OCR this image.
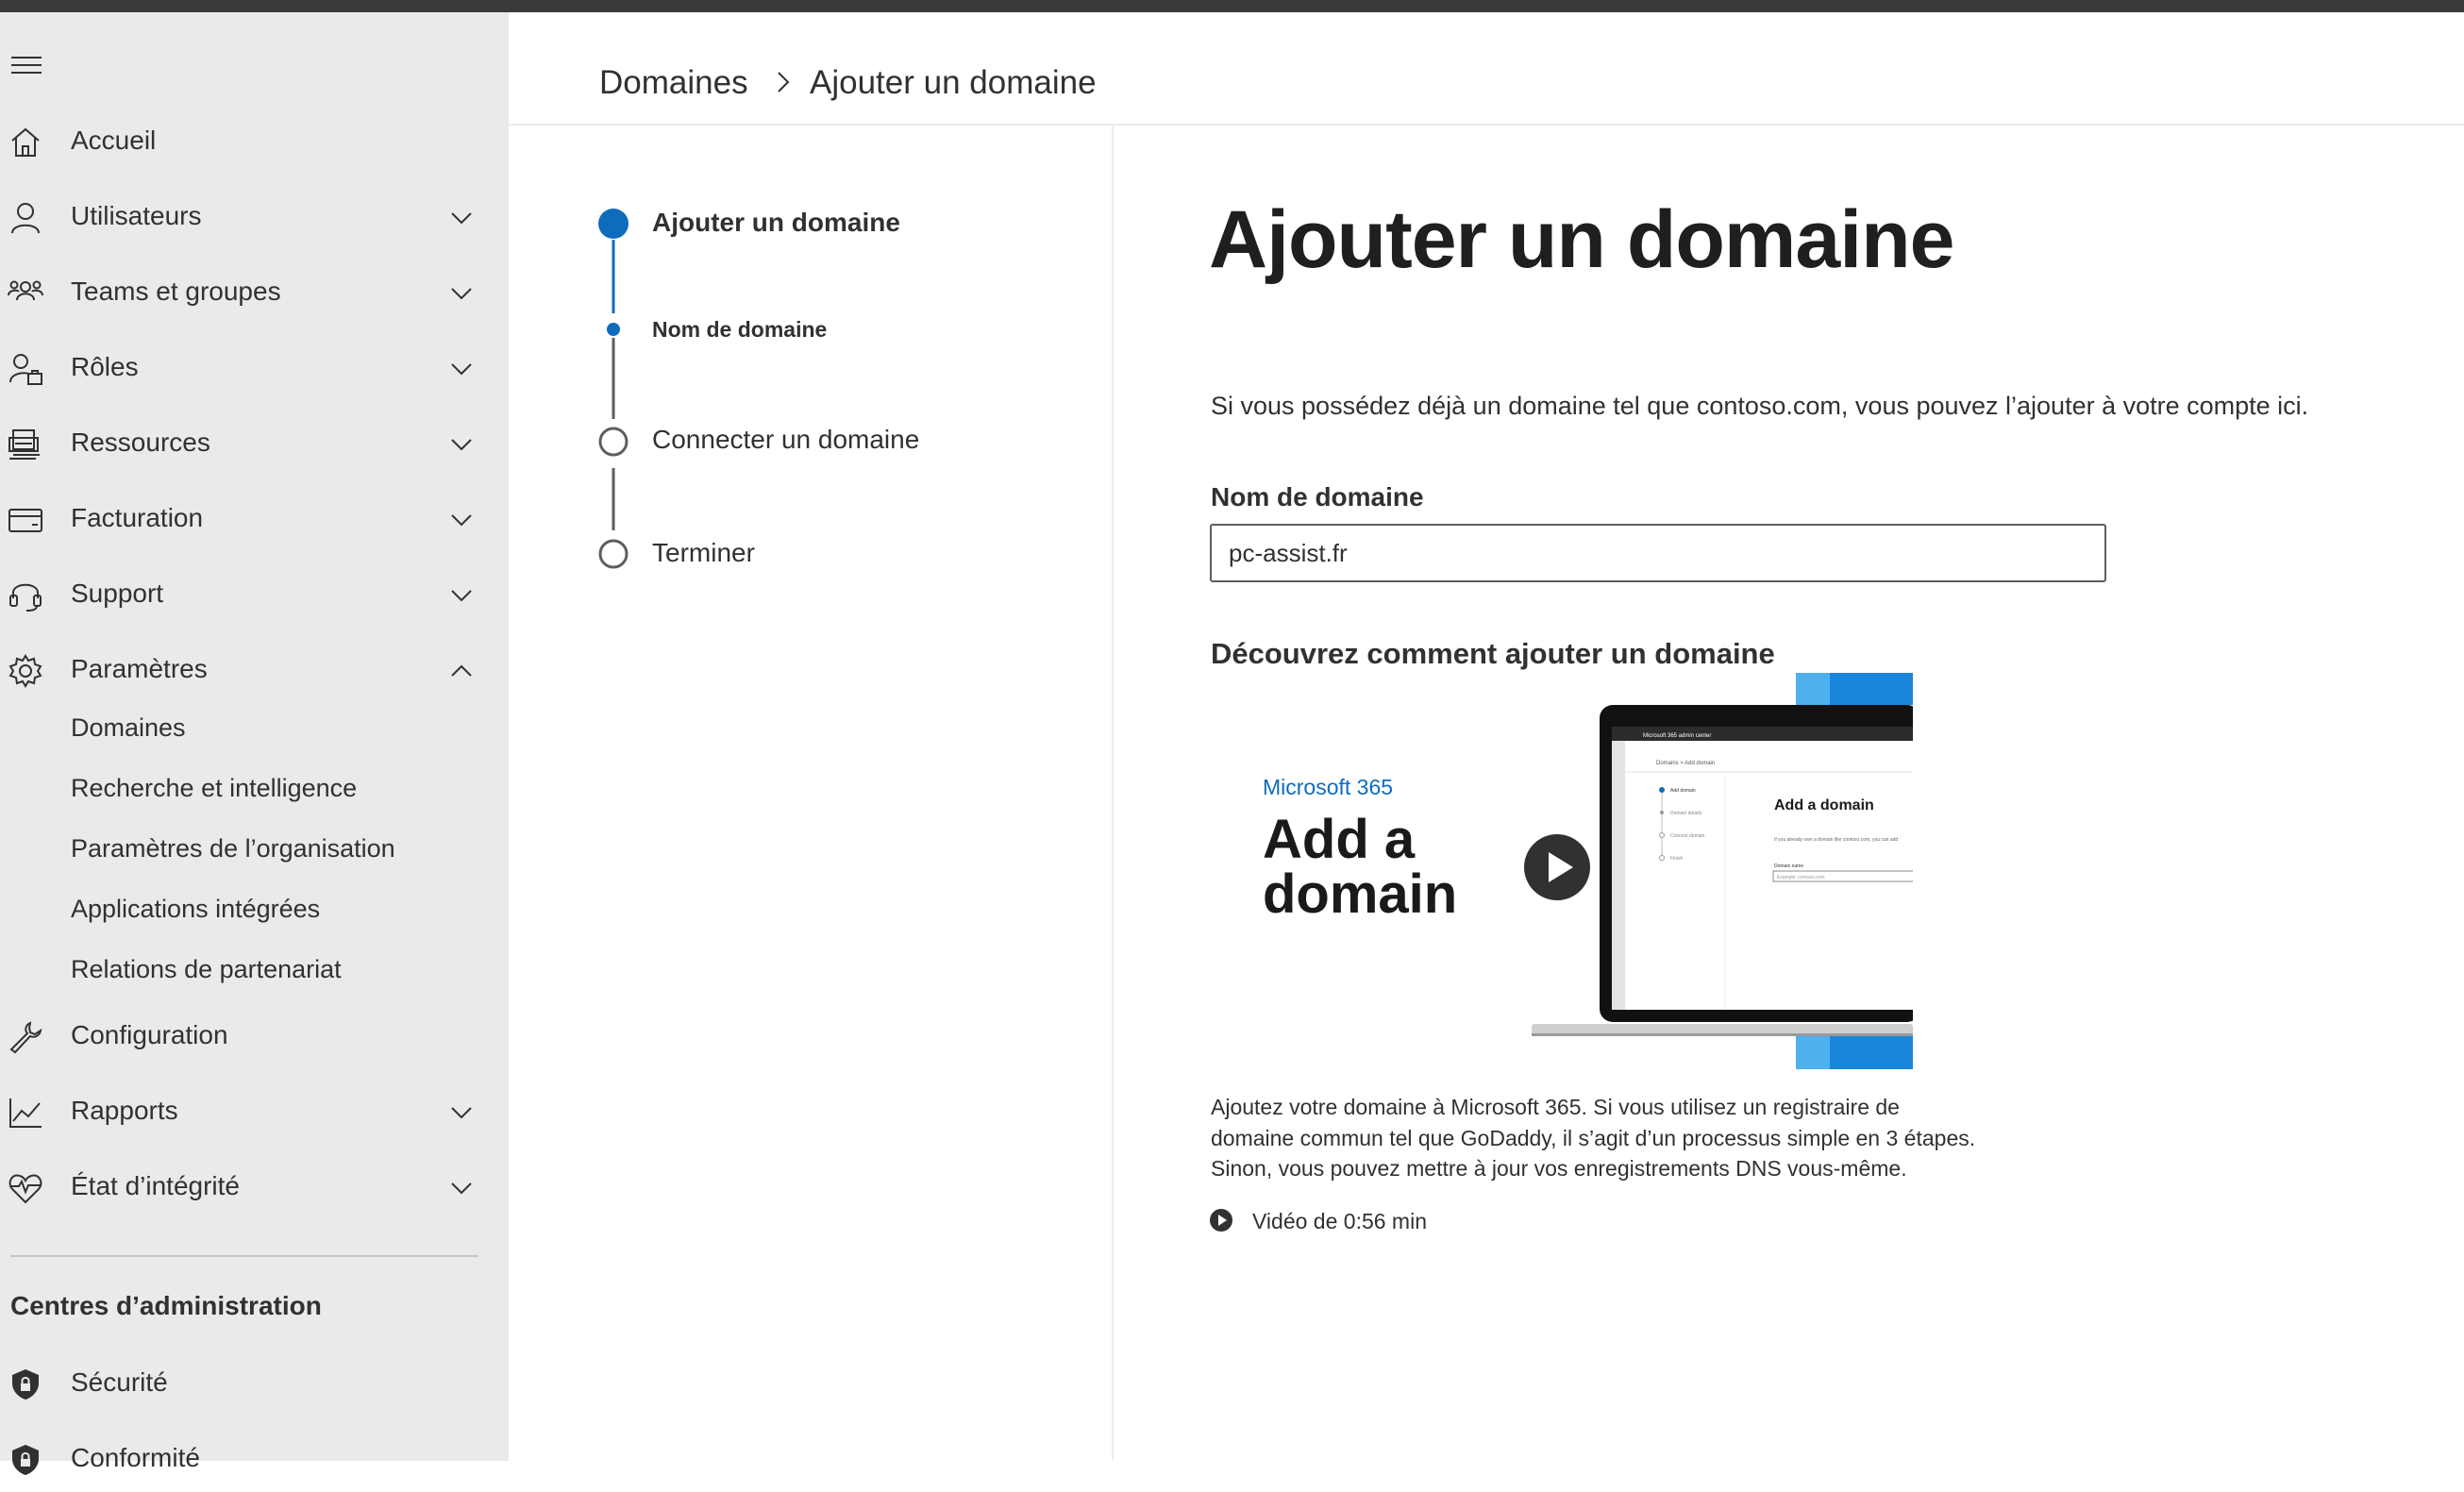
Accueil
Utilisateurs
Teams et groupes
Rôles
Ressources
Facturation
Support
Paramètres
Domaines
Recherche et intelligence
Paramètres de l’organisation
Applications intégrées
Relations de partenariat
Configuration
Rapports
État d’intégrité
Centres d’administration
Sécurité
Conformité
Domaines Ajouter un domaine
Ajouter un domaine
Nom de domaine
Connecter un domaine
Terminer
Ajouter un domaine

Si vous possédez déjà un domaine tel que contoso.com, vous pouvez l’ajouter à votre compte ici.

Nom de domaine
pc-assist.fr
Découvrez comment ajouter un domaine
Microsoft 365 admin center
Domains > Add domain
Add domain
Domain details
Connect domain
Finish
Add a domain
If you already own a domain like contoso.com, you can add
Domain name
Example: contoso.com
Microsoft 365
Add a domain
Ajoutez votre domaine à Microsoft 365. Si vous utilisez un registraire de
domaine commun tel que GoDaddy, il s’agit d’un processus simple en 3 étapes.
Sinon, vous pouvez mettre à jour vos enregistrements DNS vous-même.
Vidéo de 0:56 min
